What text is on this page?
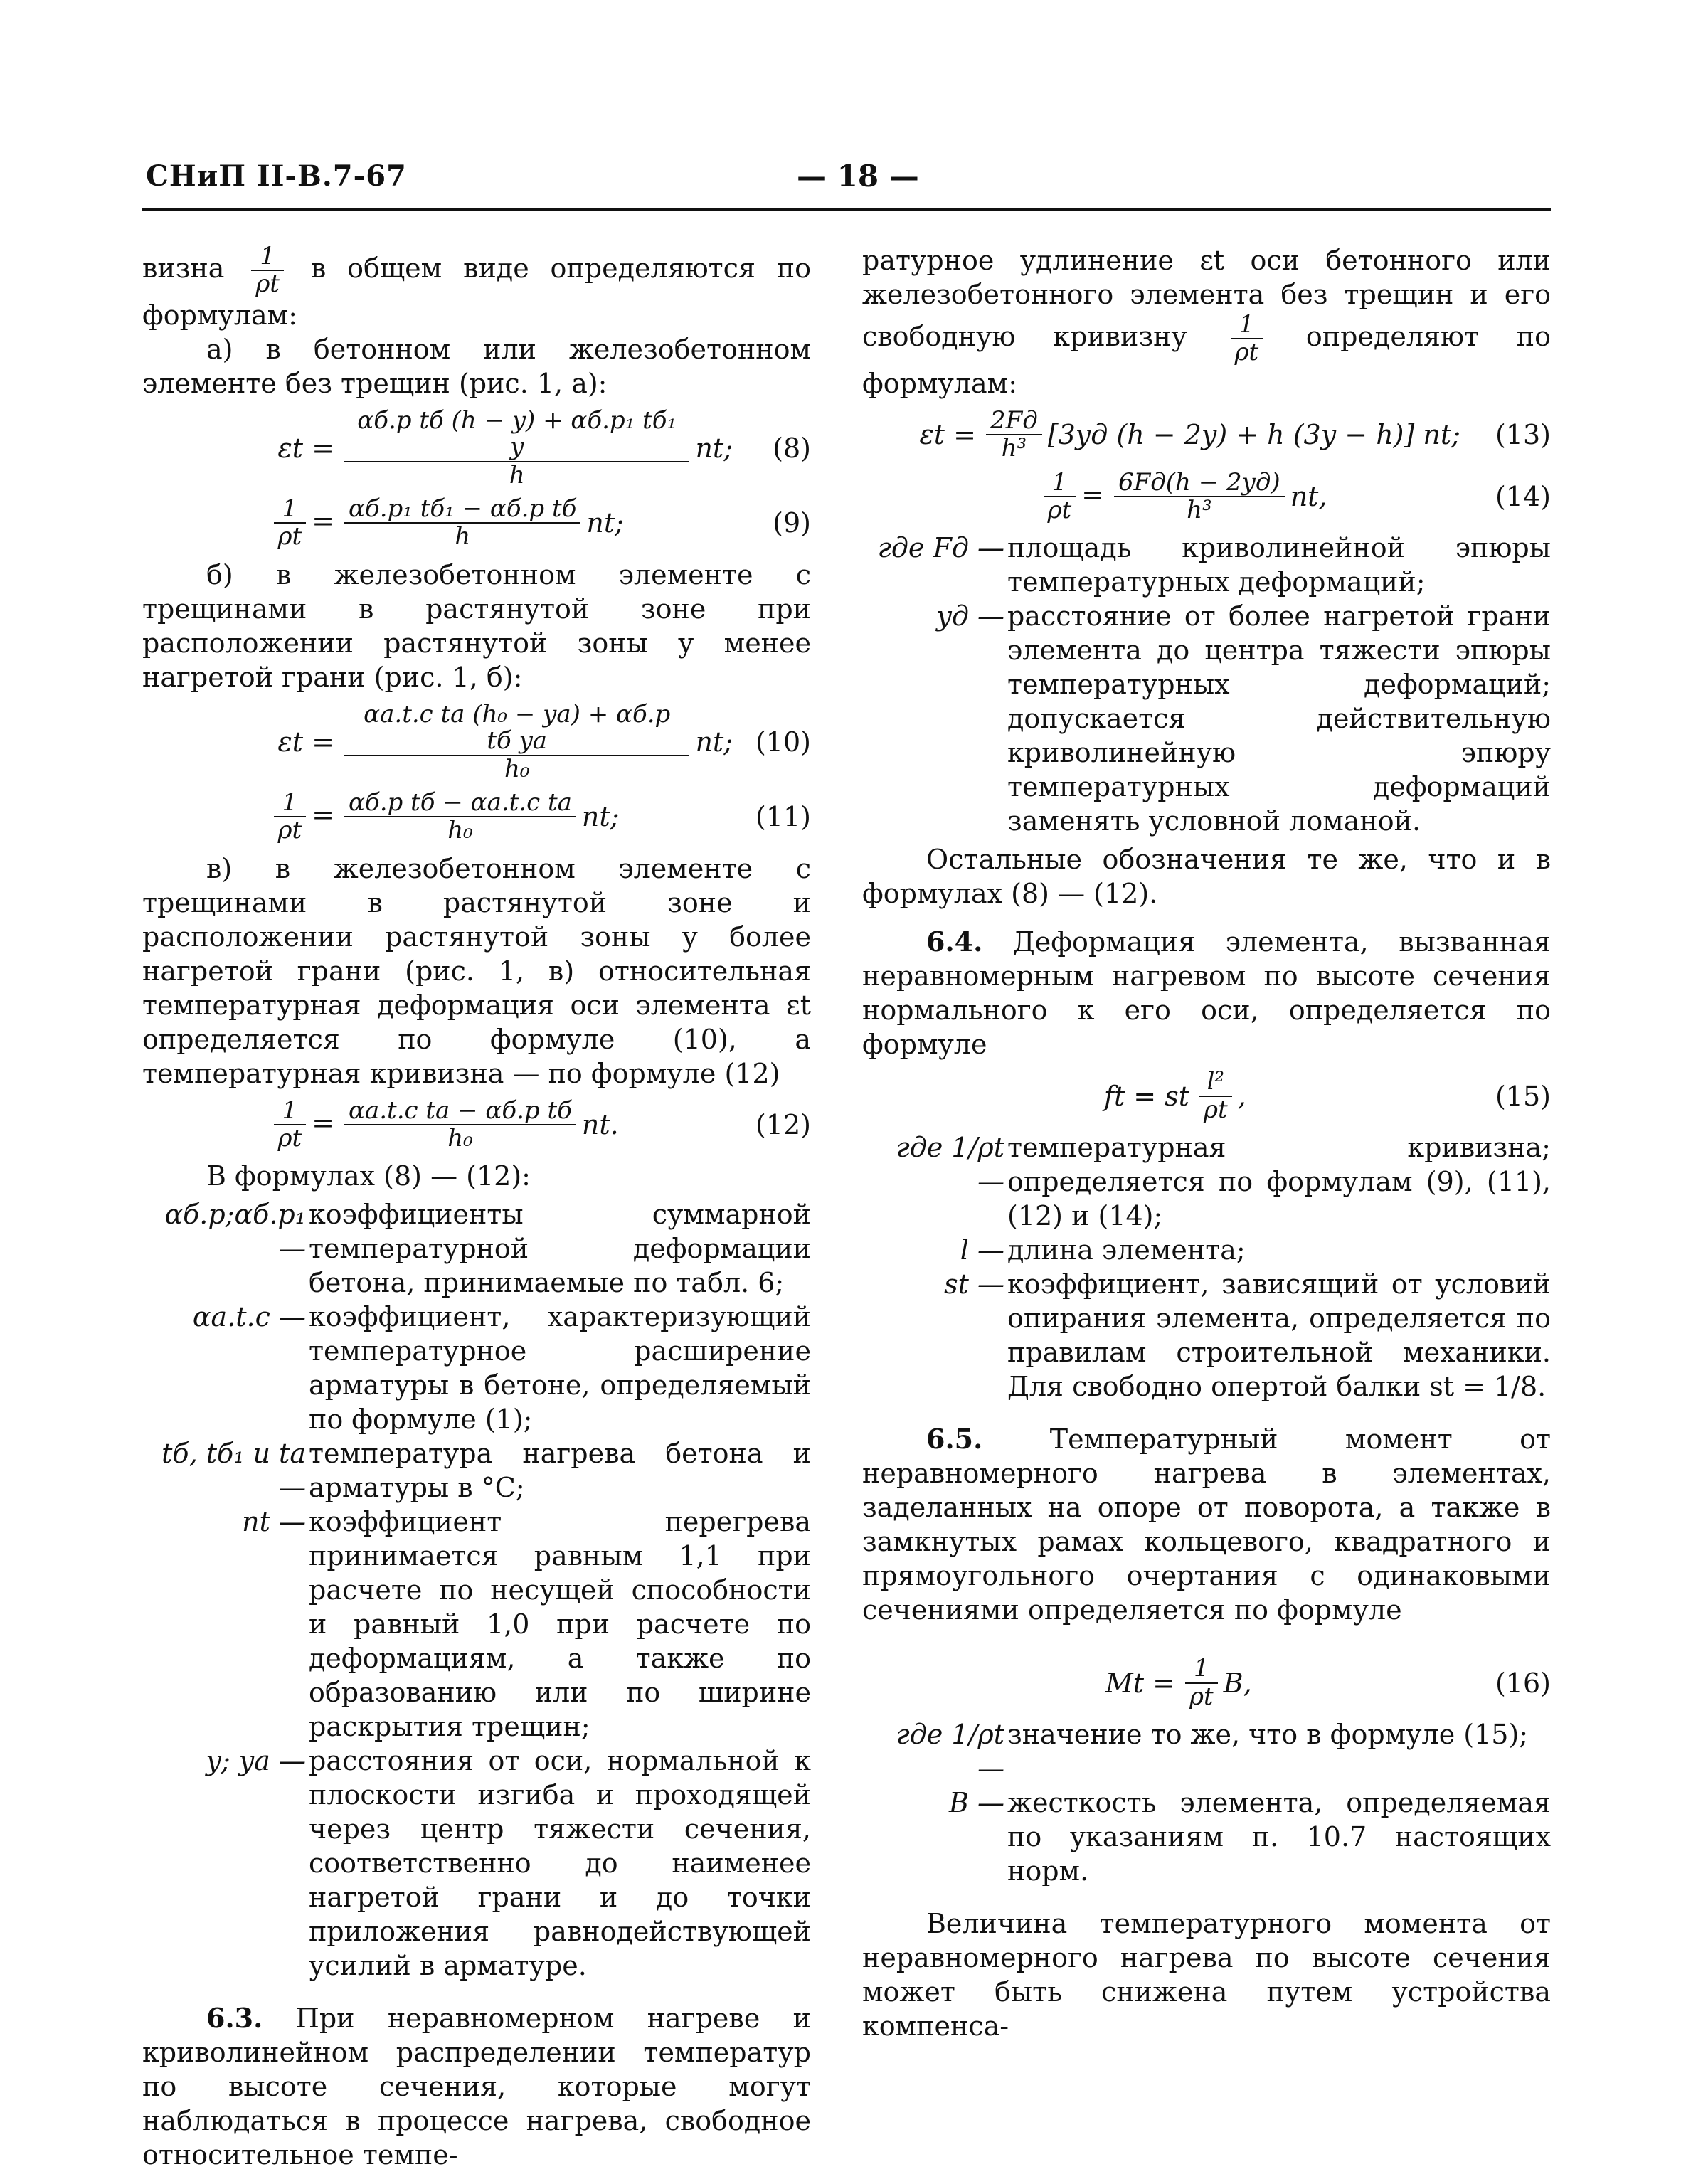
СНиП II-В.7-67	— 18 —

визна $\frac{1}{\rho t}$ в общем виде определяются по формулам:

а) в бетонном или железобетонном элементе без трещин (рис. 1, а):

$\varepsilon t = \frac{\text{αб.р tб (h − y) + αб.р₁ tб₁ y}}{h}$ nt;	(8)
$\frac{1}{\rho t} = \frac{\text{αб.р₁ tб₁ − αб.р tб}}{h}$ nt;	(9)

б) в железобетонном элементе с трещинами в растянутой зоне при расположении растянутой зоны у менее нагретой грани (рис. 1, б):

$\varepsilon t = \frac{\text{αа.t.c tа (h₀ − yа) + αб.р tб yа}}{\text{h₀}}$ nt; (10)
$\frac{1}{\rho t} = \frac{\text{αб.р tб − αа.t.c tа}}{\text{h₀}}$ nt;	(11)

в) в железобетонном элементе с трещинами в растянутой зоне и расположении растянутой зоны у более нагретой грани (рис. 1, в) относительная температурная деформация оси элемента εt определяется по формуле (10), а температурная кривизна — по формуле (12)

$\frac{1}{\rho t} = \frac{\text{αа.t.c tа − αб.р tб}}{\text{h₀}}$ nt.	(12)

В формулах (8) — (12):

αб.р;αб.р₁ —
коэффициенты суммарной температурной деформации бетона, принимаемые по табл. 6;
αа.t.c — коэффициент, характеризующий температурное расширение арматуры в бетоне, определяемый по формуле (1);
tб, tб₁ и tа —
температура нагрева бетона и арматуры в °С;
nt — коэффициент перегрева принимается равным 1,1 при расчете по несущей способности и равный 1,0 при расчете по деформациям, а также по образованию или по ширине раскрытия трещин;
y; yа — расстояния от оси, нормальной к плоскости изгиба и проходящей через центр тяжести сечения, соответственно до наименее нагретой грани и до точки приложения равнодействующей усилий в арматуре.

6.3. При неравномерном нагреве и криволинейном распределении температур по высоте сечения, которые могут наблюдаться в процессе нагрева, свободное относительное темпе-

ратурное удлинение εt оси бетонного или железобетонного элемента без трещин и его свободную кривизну $\frac{1}{\rho t}$ определяют по формулам:

$\varepsilon t = \frac{2Fд}{\text{h³}} [3yд$ (h − 2y) + h (3y − h)] nt;	(13)
$\frac{1}{\rho t} = \frac{6Fд(h - 2yд)}{\text{h³}}$ nt,	(14)
где Fд — площадь криволинейной эпюры температурных деформаций;
yд — расстояние от более нагретой грани элемента до центра тяжести эпюры температурных деформаций; допускается действительную криволинейную эпюру температурных деформаций заменять условной ломаной.

Остальные обозначения те же, что и в формулах (8) — (12).

6.4. Деформация элемента, вызванная неравномерным нагревом по высоте сечения нормального к его оси, определяется по формуле

ft = st $\frac{\text{l²}}{\rho t}$ ,	(15)
где 1/ρt —
температурная кривизна; определяется по формулам (9), (11), (12) и (14);
l — длина элемента;
st — коэффициент, зависящий от условий опирания элемента, определяется по правилам строительной механики. Для свободно опертой балки st = 1/8.

6.5. Температурный момент от неравномерного нагрева в элементах, заделанных на опоре от поворота, а также в замкнутых рамах кольцевого, квадратного и прямоугольного очертания с одинаковыми сечениями определяется по формуле

$Mt = \frac{1}{\rho t} B$,	(16)
где 1/ρt —
значение то же, что в формуле (15);
B — жесткость элемента, определяемая по указаниям п. 10.7 настоящих норм.

Величина температурного момента от неравномерного нагрева по высоте сечения может быть снижена путем устройства компенса-
